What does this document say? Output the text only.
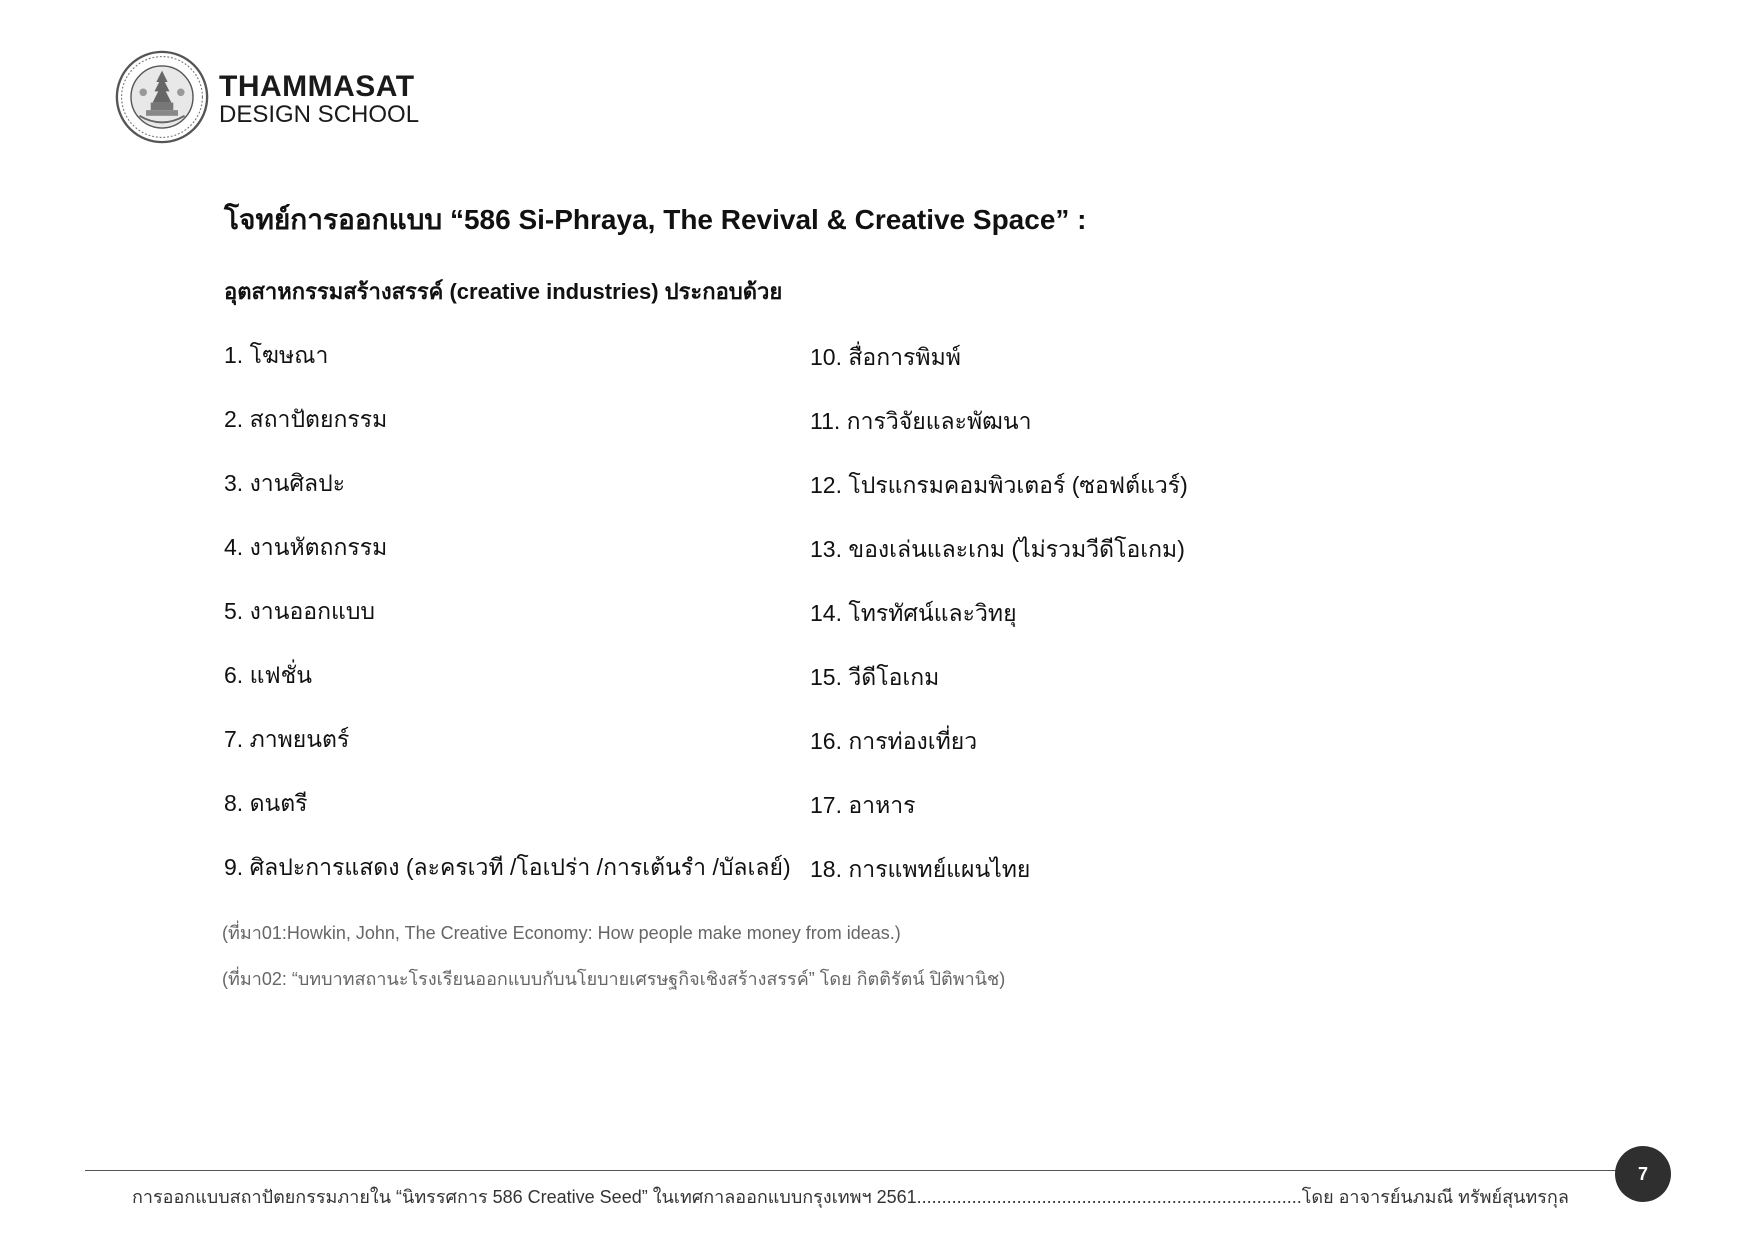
THAMMASAT
DESIGN SCHOOL
โจทย์การออกแบบ “586 Si-Phraya, The Revival & Creative Space” :
อุตสาหกรรมสร้างสรรค์ (creative industries) ประกอบด้วย
1. โฆษณา
2. สถาปัตยกรรม
3. งานศิลปะ
4. งานหัตถกรรม
5. งานออกแบบ
6. แฟชั่น
7. ภาพยนตร์
8. ดนตรี
9. ศิลปะการแสดง (ละครเวที /โอเปร่า /การเต้นรำ /บัลเลย์)
10. สื่อการพิมพ์
11. การวิจัยและพัฒนา
12. โปรแกรมคอมพิวเตอร์ (ซอฟต์แวร์)
13. ของเล่นและเกม (ไม่รวมวีดีโอเกม)
14. โทรทัศน์และวิทยุ
15. วีดีโอเกม
16. การท่องเที่ยว
17. อาหาร
18. การแพทย์แผนไทย

(ที่มา01:Howkin, John, The Creative Economy: How people make money from ideas.)

(ที่มา02: “บทบาทสถานะโรงเรียนออกแบบกับนโยบายเศรษฐกิจเชิงสร้างสรรค์” โดย กิตติรัตน์ ปิติพานิช)

การออกแบบสถาปัตยกรรมภายใน “นิทรรศการ 586 Creative Seed” ในเทศกาลออกแบบกรุงเทพฯ 2561.............................................................................โดย อาจารย์นภมณี ทรัพย์สุนทรกุล
7
